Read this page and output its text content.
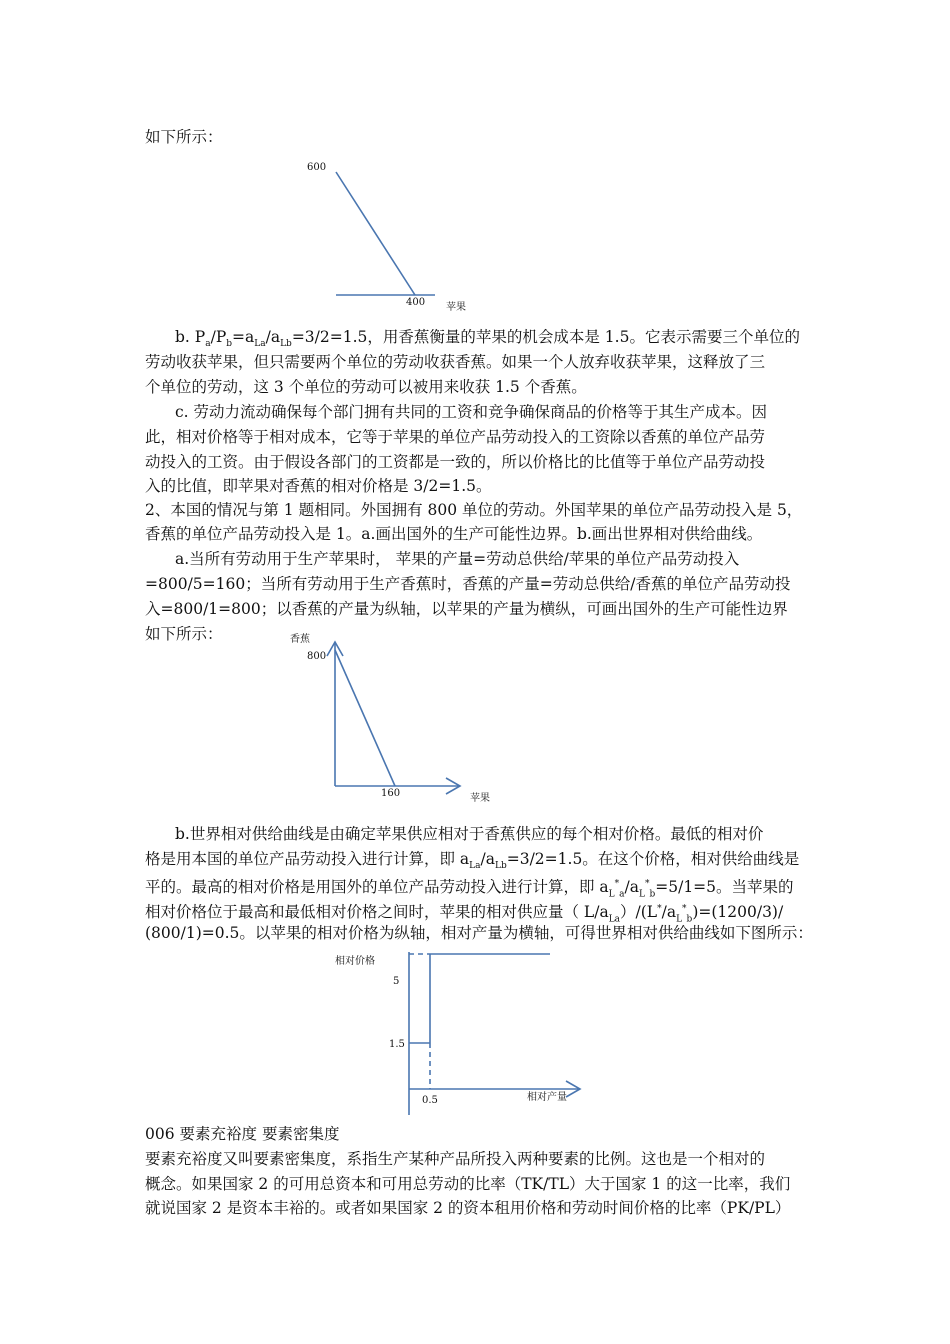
如下所示：
600
400 苹果
b. $P_a/P_b=a_{La}/a_{Lb}=3/2=1.5$，用香蕉衡量的苹果的机会成本是 1.5。它表示需要三个单位的
劳动收获苹果，但只需要两个单位的劳动收获香蕉。如果一个人放弃收获苹果，这释放了三
个单位的劳动，这 3 个单位的劳动可以被用来收获 1.5 个香蕉。
c. 劳动力流动确保每个部门拥有共同的工资和竞争确保商品的价格等于其生产成本。因
此，相对价格等于相对成本，它等于苹果的单位产品劳动投入的工资除以香蕉的单位产品劳
动投入的工资。由于假设各部门的工资都是一致的，所以价格比的比值等于单位产品劳动投
入的比值，即苹果对香蕉的相对价格是 3/2=1.5。
2、本国的情况与第 1 题相同。外国拥有 800 单位的劳动。外国苹果的单位产品劳动投入是 5，
香蕉的单位产品劳动投入是 1。a.画出国外的生产可能性边界。b.画出世界相对供给曲线。
a.当所有劳动用于生产苹果时， 苹果的产量=劳动总供给/苹果的单位产品劳动投入
=800/5=160；当所有劳动用于生产香蕉时，香蕉的产量=劳动总供给/香蕉的单位产品劳动投
入=800/1=800；以香蕉的产量为纵轴，以苹果的产量为横纵，可画出国外的生产可能性边界
如下所示：	香蕉
800
160	苹果
b.世界相对供给曲线是由确定苹果供应相对于香蕉供应的每个相对价格。最低的相对价
格是用本国的单位产品劳动投入进行计算，即 $a_{La}/a_{Lb}=3/2=1.5$。在这个价格，相对供给曲线是
平的。最高的相对价格是用国外的单位产品劳动投入进行计算，即 $a_L^*_a/a_L^*_b=5/1=5$。当苹果的
相对价格位于最高和最低相对价格之间时，苹果的相对供应量（ $L/a_{La})/(L^*/a_L^*_b)=(1200/3)/$
(800/1)=0.5。以苹果的相对价格为纵轴，相对产量为横轴，可得世界相对供给曲线如下图所示：
相对价格
5
1.5
0.5	相对产量
006 要素充裕度 要素密集度
要素充裕度又叫要素密集度，系指生产某种产品所投入两种要素的比例。这也是一个相对的
概念。如果国家 2 的可用总资本和可用总劳动的比率（TK/TL）大于国家 1 的这一比率，我们
就说国家 2 是资本丰裕的。或者如果国家 2 的资本租用价格和劳动时间价格的比率（PK/PL）
